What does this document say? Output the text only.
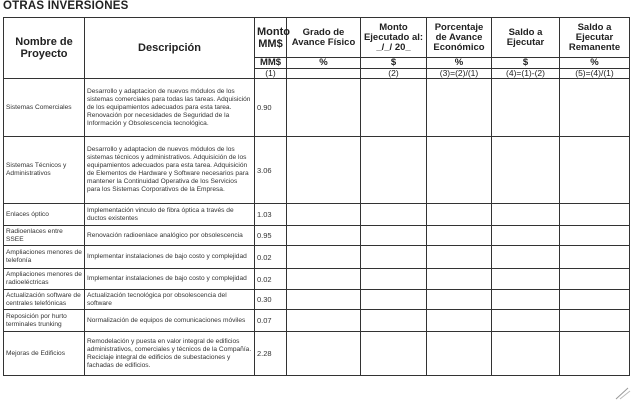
OTRAS INVERSIONES
Nombre de Proyecto	Descripción	Monto MM$	Grado de Avance Físico	Monto Ejecutado al: _/_/ 20_	Porcentaje de Avance Económico	Saldo a Ejecutar	Saldo a Ejecutar Remanente
		MM$	%	$	%	$	%
		(1)		(2)	(3)=(2)/(1)	(4)=(1)-(2)	(5)=(4)/(1)
Sistemas Comerciales	Desarrollo y adaptacion de nuevos módulos de los sistemas comerciales para todas las tareas. Adquisición de los equipamientos adecuados para esta tarea. Renovación por necesidades de Seguridad de la Información y Obsolescencia tecnológica.	0.90					
Sistemas Técnicos y Administrativos	Desarrollo y adaptacion de nuevos módulos de los sistemas técnicos y administrativos. Adquisición de los equipamientos adecuados para esta tarea. Adquisición de Elementos de Hardware y Software necesarios para mantener la Continuidad Operativa de los Servicios para los Sistemas Corporativos de la Empresa.	3.06					
Enlaces óptico	Implementación vinculo de fibra óptica a través de ductos existentes	1.03					
Radioenlaces entre SSEE	Renovación radioenlace analógico por obsolescencia	0.95					
Ampliaciones menores de telefonía	Implementar instalaciones de bajo costo y complejidad	0.02					
Ampliaciones menores de radioeléctricas	Implementar instalaciones de bajo costo y complejidad	0.02					
Actualización software de centrales telefónicas	Actualización tecnológica por obsolescencia del software	0.30					
Reposición por hurto terminales trunking	Normalización de equipos de comunicaciones móviles	0.07					
Mejoras de Edificios	Remodelación y puesta en valor integral de edificios administrativos, comerciales y técnicos de la Compañía. Reciclaje integral de edificios de subestaciones y fachadas de edificios.	2.28					
